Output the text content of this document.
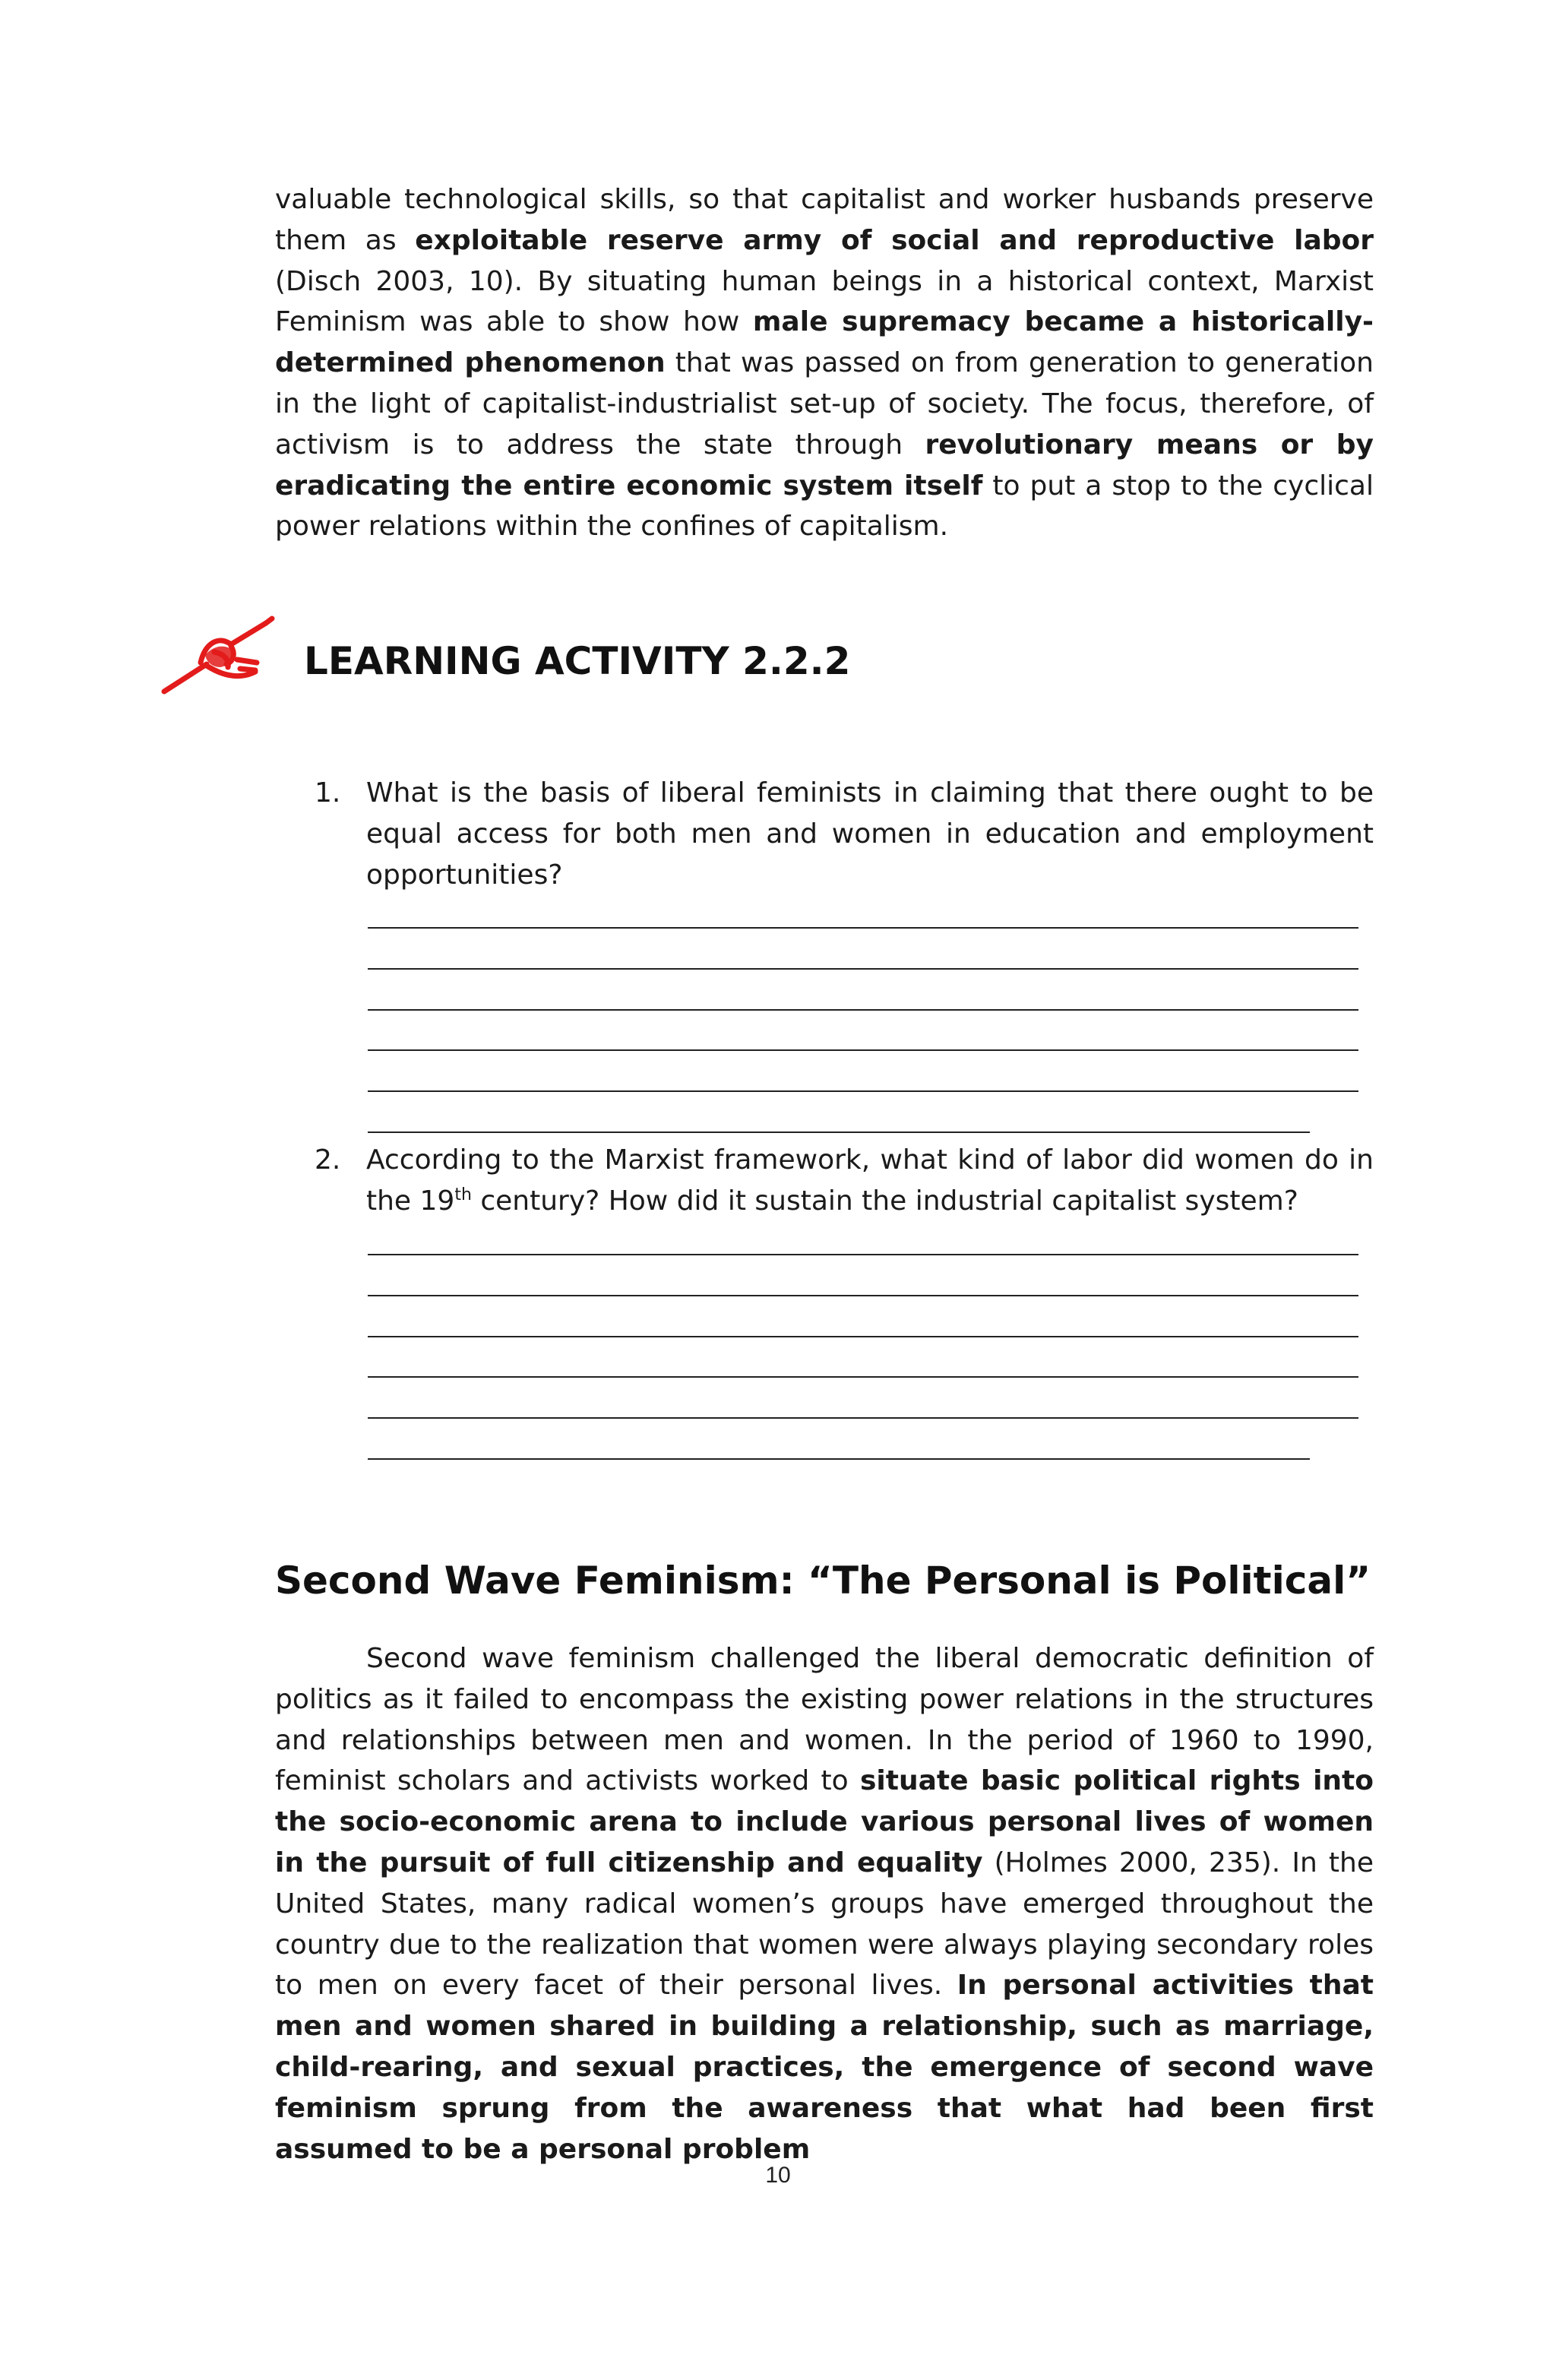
valuable technological skills, so that capitalist and worker husbands preserve them as exploitable reserve army of social and reproductive labor (Disch 2003, 10). By situating human beings in a historical context, Marxist Feminism was able to show how male supremacy became a historically-determined phenomenon that was passed on from generation to generation in the light of capitalist-industrialist set-up of society. The focus, therefore, of activism is to address the state through revolutionary means or by eradicating the entire economic system itself to put a stop to the cyclical power relations within the confines of capitalism.

LEARNING ACTIVITY 2.2.2
1. What is the basis of liberal feminists in claiming that there ought to be equal access for both men and women in education and employment opportunities?
2. According to the Marxist framework, what kind of labor did women do in the 19th century? How did it sustain the industrial capitalist system?
Second Wave Feminism: “The Personal is Political”

Second wave feminism challenged the liberal democratic definition of politics as it failed to encompass the existing power relations in the structures and relationships between men and women. In the period of 1960 to 1990, feminist scholars and activists worked to situate basic political rights into the socio-economic arena to include various personal lives of women in the pursuit of full citizenship and equality (Holmes 2000, 235). In the United States, many radical women’s groups have emerged throughout the country due to the realization that women were always playing secondary roles to men on every facet of their personal lives. In personal activities that men and women shared in building a relationship, such as marriage, child-rearing, and sexual practices, the emergence of second wave feminism sprung from the awareness that what had been first assumed to be a personal problem

10
